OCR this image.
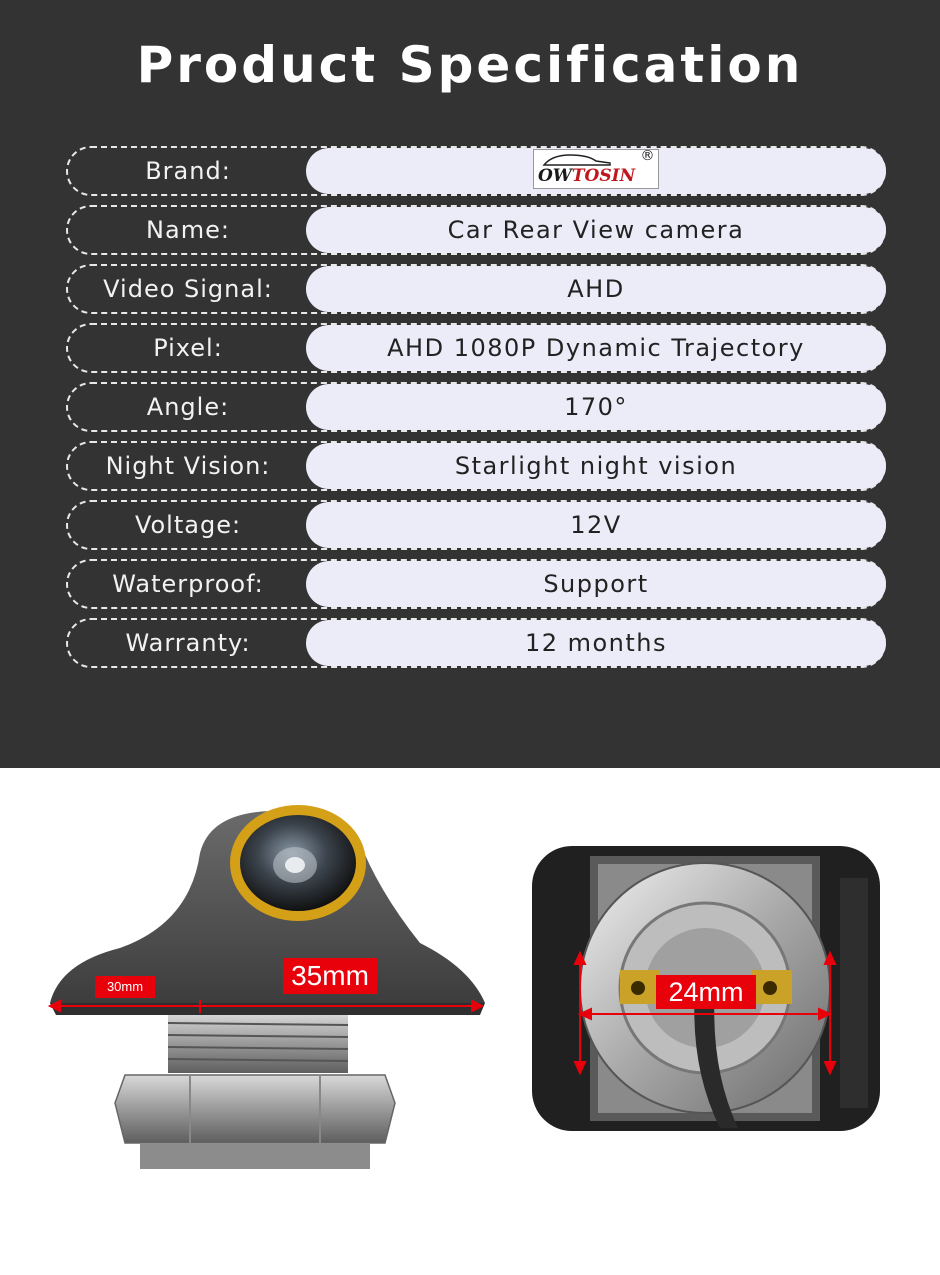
Product Specification
Brand:	OWTOSIN
®
Name:	Car Rear View camera
Video Signal:	AHD
Pixel:	AHD 1080P Dynamic Trajectory
Angle:	170°
Night Vision:	Starlight night vision
Voltage:	12V
Waterproof:	Support
Warranty:	12 months
30mm	35mm
24mm
